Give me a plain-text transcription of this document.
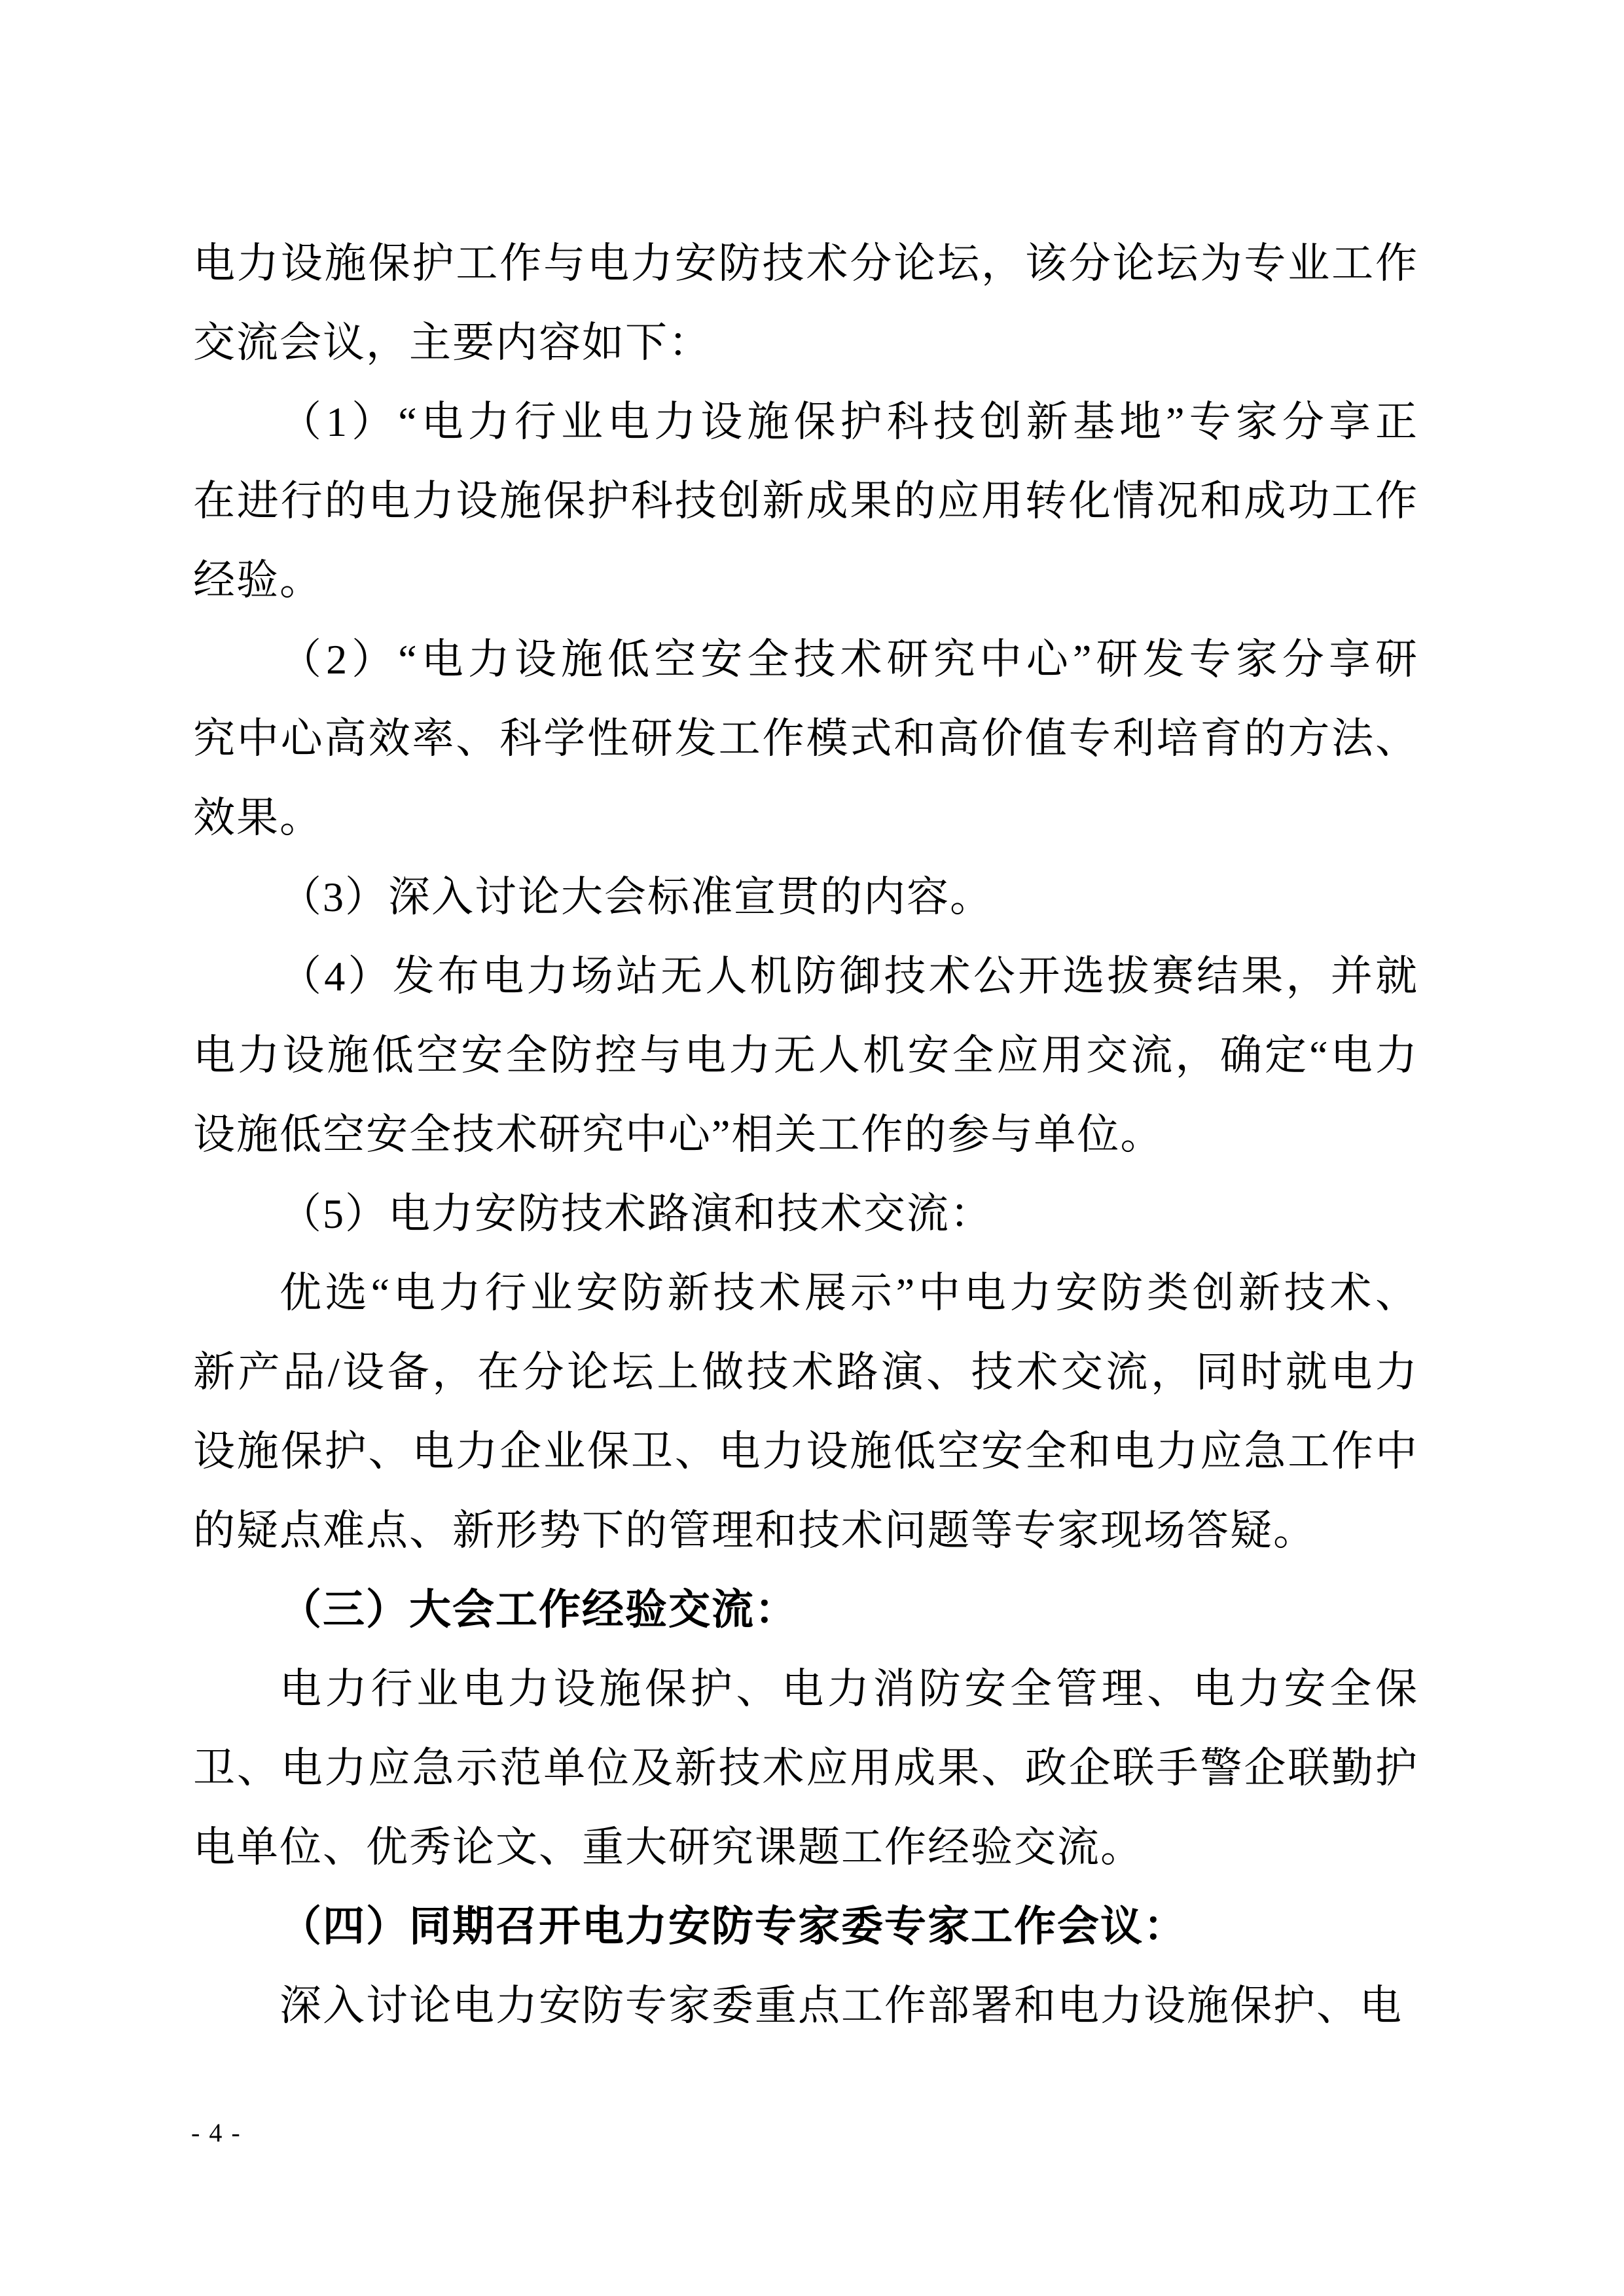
电力设施保护工作与电力安防技术分论坛，该分论坛为专业工作
交流会议，主要内容如下：
（1）“电力行业电力设施保护科技创新基地”专家分享正
在进行的电力设施保护科技创新成果的应用转化情况和成功工作
经验。
（2）“电力设施低空安全技术研究中心”研发专家分享研
究中心高效率、科学性研发工作模式和高价值专利培育的方法、
效果。
（3）深入讨论大会标准宣贯的内容。
（4）发布电力场站无人机防御技术公开选拔赛结果，并就
电力设施低空安全防控与电力无人机安全应用交流，确定“电力
设施低空安全技术研究中心”相关工作的参与单位。
（5）电力安防技术路演和技术交流：
优选“电力行业安防新技术展示”中电力安防类创新技术、
新产品/设备，在分论坛上做技术路演、技术交流，同时就电力
设施保护、电力企业保卫、电力设施低空安全和电力应急工作中
的疑点难点、新形势下的管理和技术问题等专家现场答疑。
（三）大会工作经验交流：
电力行业电力设施保护、电力消防安全管理、电力安全保
卫、电力应急示范单位及新技术应用成果、政企联手警企联勤护
电单位、优秀论文、重大研究课题工作经验交流。
（四）同期召开电力安防专家委专家工作会议：
深入讨论电力安防专家委重点工作部署和电力设施保护、电
- 4 -
